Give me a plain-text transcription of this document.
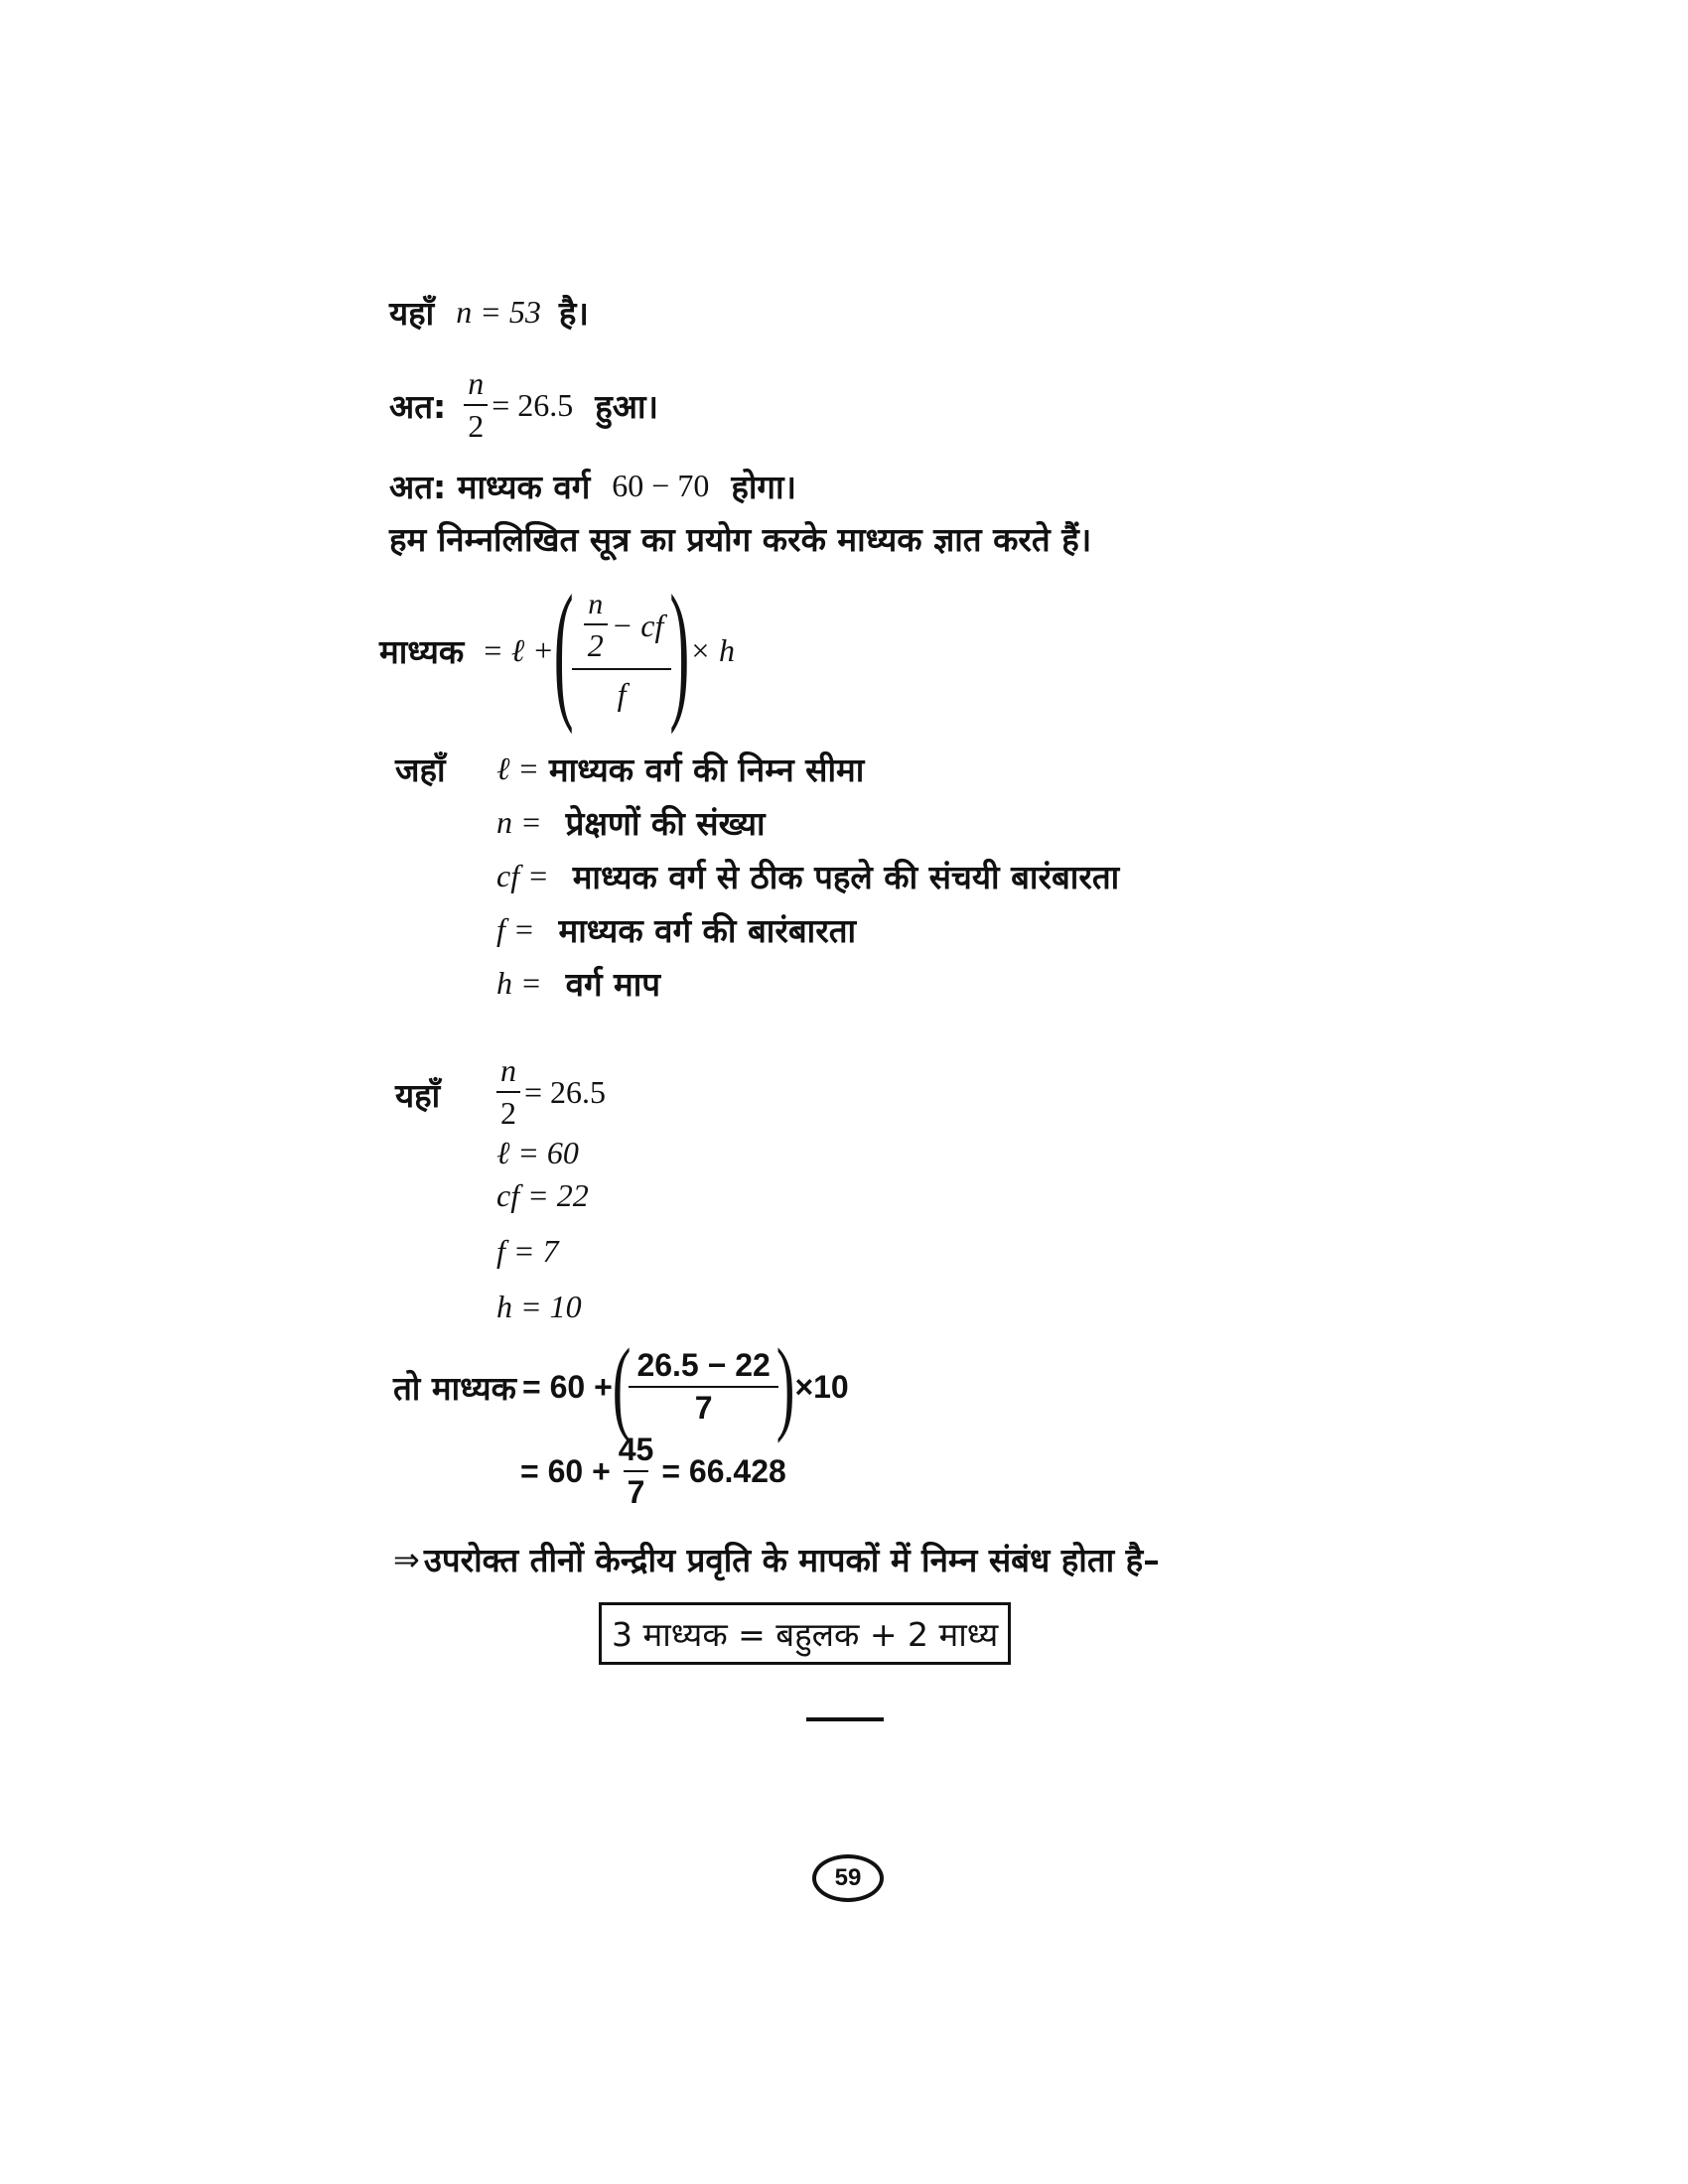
यहाँ n = 53 है।
अत: $\frac{n}{2} = 26.5$ हुआ।
अत: माध्यक वर्ग 60 − 70 होगा।
हम निम्नलिखित सूत्र का प्रयोग करके माध्यक ज्ञात करते हैं।
माध्यक = ℓ + ( $\frac{\frac{n}{2} - cf}{f}$ ) × h
जहाँ ℓ = माध्यक वर्ग की निम्न सीमा
n = प्रेक्षणों की संख्या
cf = माध्यक वर्ग से ठीक पहले की संचयी बारंबारता
f = माध्यक वर्ग की बारंबारता
h = वर्ग माप
यहाँ $\frac{n}{2} = 26.5$
ℓ = 60
cf = 22
f = 7
h = 10
तो माध्यक = 60 + ( $\frac{26.5 - 22}{7}$ ) ×10
= $60 + \frac{45}{7} = 66.428$
⇒ उपरोक्त तीनों केन्द्रीय प्रवृति के मापकों में निम्न संबंध होता है–
3 माध्यक = बहुलक + 2 माध्य
59
